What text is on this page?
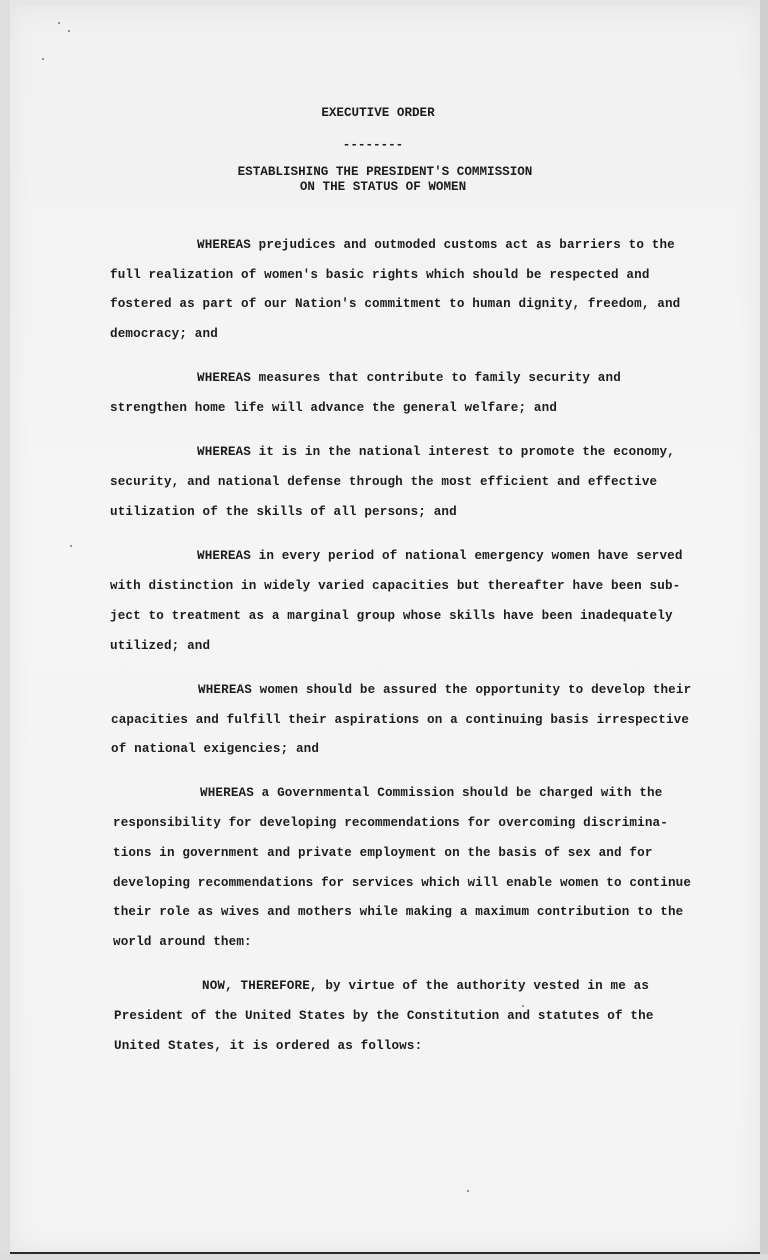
EXECUTIVE ORDER
--------
ESTABLISHING THE PRESIDENT'S COMMISSION
ON THE STATUS OF WOMEN
WHEREAS prejudices and outmoded customs act as barriers to the
full realization of women's basic rights which should be respected and
fostered as part of our Nation's commitment to human dignity, freedom, and
democracy; and
WHEREAS measures that contribute to family security and
strengthen home life will advance the general welfare; and
WHEREAS it is in the national interest to promote the economy,
security, and national defense through the most efficient and effective
utilization of the skills of all persons; and
WHEREAS in every period of national emergency women have served
with distinction in widely varied capacities but thereafter have been sub-
ject to treatment as a marginal group whose skills have been inadequately
utilized; and
WHEREAS women should be assured the opportunity to develop their
capacities and fulfill their aspirations on a continuing basis irrespective
of national exigencies; and
WHEREAS a Governmental Commission should be charged with the
responsibility for developing recommendations for overcoming discrimina-
tions in government and private employment on the basis of sex and for
developing recommendations for services which will enable women to continue
their role as wives and mothers while making a maximum contribution to the
world around them:
NOW, THEREFORE, by virtue of the authority vested in me as
President of the United States by the Constitution and statutes of the
United States, it is ordered as follows:
